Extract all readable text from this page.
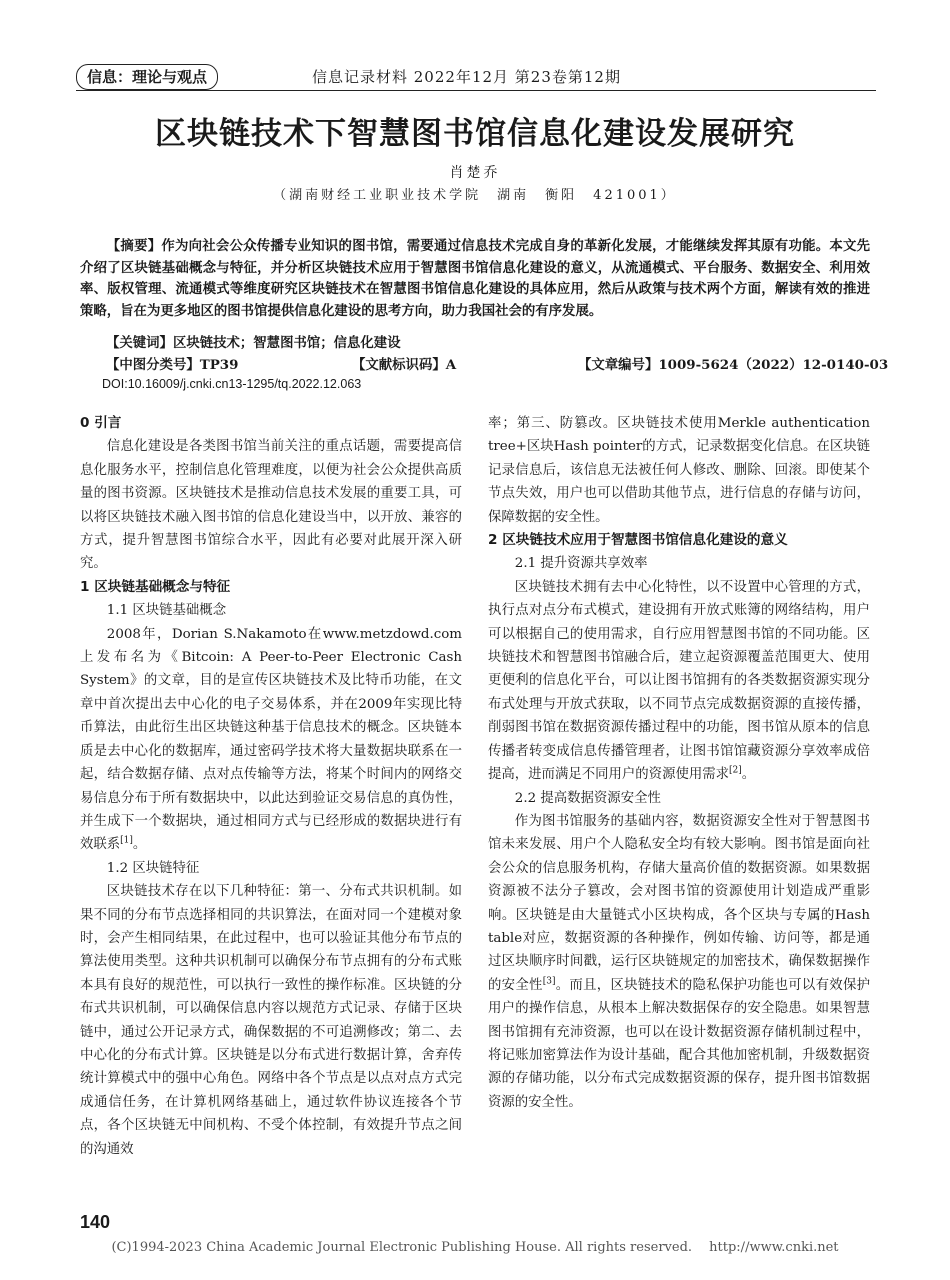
信息：理论与观点	信息记录材料 2022年12月 第23卷第12期
区块链技术下智慧图书馆信息化建设发展研究
肖楚乔
（湖南财经工业职业技术学院　湖南　衡阳　421001）

【摘要】作为向社会公众传播专业知识的图书馆，需要通过信息技术完成自身的革新化发展，才能继续发挥其原有功能。本文先介绍了区块链基础概念与特征，并分析区块链技术应用于智慧图书馆信息化建设的意义，从流通模式、平台服务、数据安全、利用效率、版权管理、流通模式等维度研究区块链技术在智慧图书馆信息化建设的具体应用，然后从政策与技术两个方面，解读有效的推进策略，旨在为更多地区的图书馆提供信息化建设的思考方向，助力我国社会的有序发展。

【关键词】区块链技术；智慧图书馆；信息化建设
【中图分类号】TP39	【文献标识码】A	【文章编号】1009-5624（2022）12-0140-03
DOI:10.16009/j.cnki.cn13-1295/tq.2022.12.063
0 引言

信息化建设是各类图书馆当前关注的重点话题，需要提高信息化服务水平，控制信息化管理难度，以便为社会公众提供高质量的图书资源。区块链技术是推动信息技术发展的重要工具，可以将区块链技术融入图书馆的信息化建设当中，以开放、兼容的方式，提升智慧图书馆综合水平，因此有必要对此展开深入研究。

1 区块链基础概念与特征
1.1 区块链基础概念

2008年，Dorian S.Nakamoto在www.metzdowd.com上发布名为《Bitcoin: A Peer-to-Peer Electronic Cash System》的文章，目的是宣传区块链技术及比特币功能，在文章中首次提出去中心化的电子交易体系，并在2009年实现比特币算法，由此衍生出区块链这种基于信息技术的概念。区块链本质是去中心化的数据库，通过密码学技术将大量数据块联系在一起，结合数据存储、点对点传输等方法，将某个时间内的网络交易信息分布于所有数据块中，以此达到验证交易信息的真伪性，并生成下一个数据块，通过相同方式与已经形成的数据块进行有效联系[1]。

1.2 区块链特征

区块链技术存在以下几种特征：第一、分布式共识机制。如果不同的分布节点选择相同的共识算法，在面对同一个建模对象时，会产生相同结果，在此过程中，也可以验证其他分布节点的算法使用类型。这种共识机制可以确保分布节点拥有的分布式账本具有良好的规范性，可以执行一致性的操作标准。区块链的分布式共识机制，可以确保信息内容以规范方式记录、存储于区块链中，通过公开记录方式，确保数据的不可追溯修改；第二、去中心化的分布式计算。区块链是以分布式进行数据计算，舍弃传统计算模式中的强中心角色。网络中各个节点是以点对点方式完成通信任务，在计算机网络基础上，通过软件协议连接各个节点，各个区块链无中间机构、不受个体控制，有效提升节点之间的沟通效

率；第三、防篡改。区块链技术使用Merkle authentication tree+区块Hash pointer的方式，记录数据变化信息。在区块链记录信息后，该信息无法被任何人修改、删除、回滚。即使某个节点失效，用户也可以借助其他节点，进行信息的存储与访问，保障数据的安全性。

2 区块链技术应用于智慧图书馆信息化建设的意义
2.1 提升资源共享效率

区块链技术拥有去中心化特性，以不设置中心管理的方式，执行点对点分布式模式，建设拥有开放式账簿的网络结构，用户可以根据自己的使用需求，自行应用智慧图书馆的不同功能。区块链技术和智慧图书馆融合后，建立起资源覆盖范围更大、使用更便利的信息化平台，可以让图书馆拥有的各类数据资源实现分布式处理与开放式获取，以不同节点完成数据资源的直接传播，削弱图书馆在数据资源传播过程中的功能，图书馆从原本的信息传播者转变成信息传播管理者，让图书馆馆藏资源分享效率成倍提高，进而满足不同用户的资源使用需求[2]。

2.2 提高数据资源安全性

作为图书馆服务的基础内容，数据资源安全性对于智慧图书馆未来发展、用户个人隐私安全均有较大影响。图书馆是面向社会公众的信息服务机构，存储大量高价值的数据资源。如果数据资源被不法分子篡改，会对图书馆的资源使用计划造成严重影响。区块链是由大量链式小区块构成，各个区块与专属的Hash table对应，数据资源的各种操作，例如传输、访问等，都是通过区块顺序时间戳，运行区块链规定的加密技术，确保数据操作的安全性[3]。而且，区块链技术的隐私保护功能也可以有效保护用户的操作信息，从根本上解决数据保存的安全隐患。如果智慧图书馆拥有充沛资源，也可以在设计数据资源存储机制过程中，将记账加密算法作为设计基础，配合其他加密机制，升级数据资源的存储功能，以分布式完成数据资源的保存，提升图书馆数据资源的安全性。

140
(C)1994-2023 China Academic Journal Electronic Publishing House. All rights reserved.　 http://www.cnki.net
